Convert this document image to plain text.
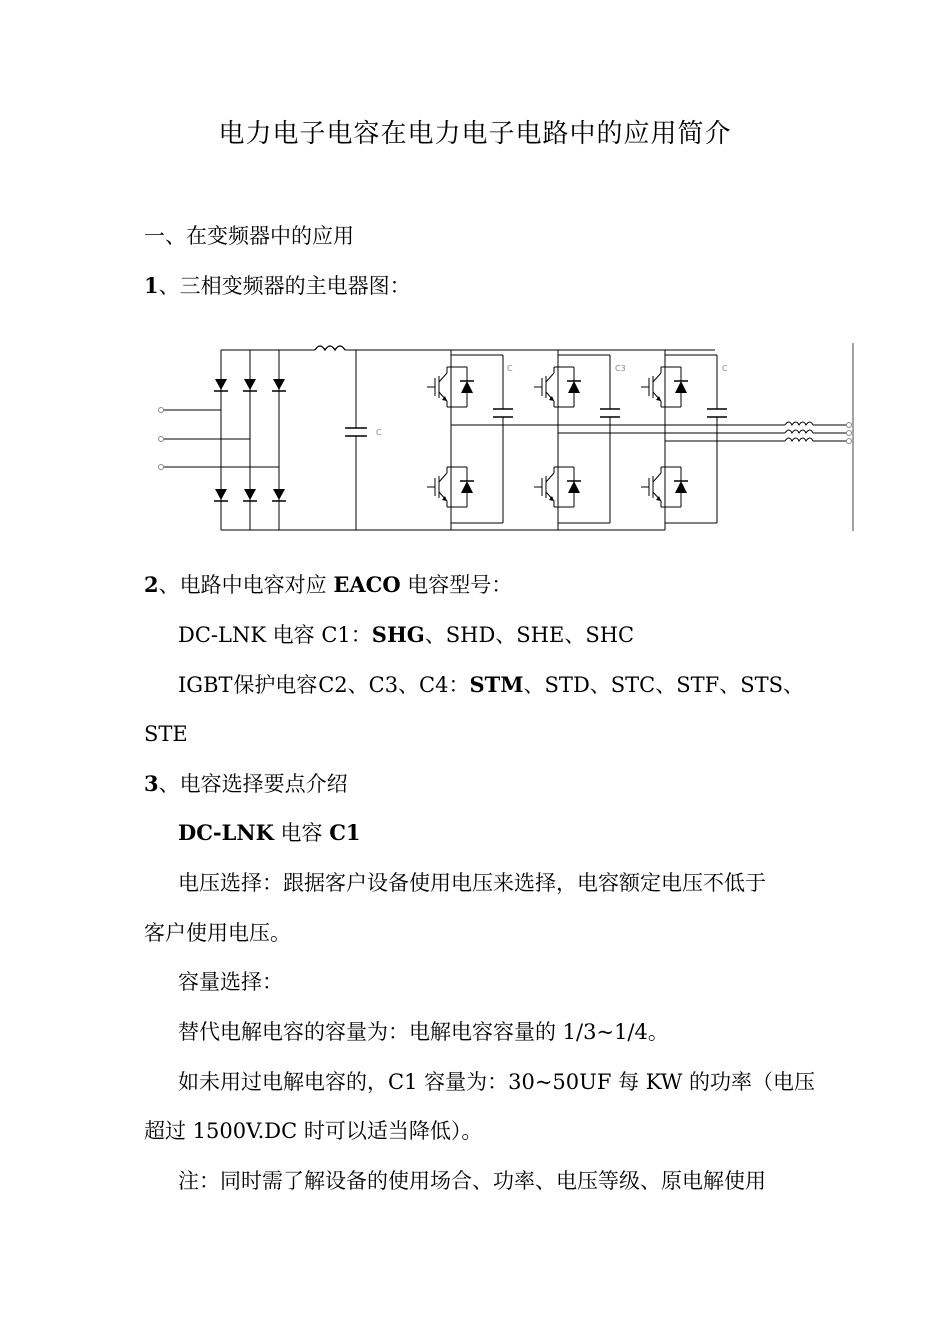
电力电子电容在电力电子电路中的应用简介
一、在变频器中的应用
1、三相变频器的主电器图：
C
C	C3	C
2、电路中电容对应 EACO 电容型号：
DC-LNK 电容 C1：SHG、SHD、SHE、SHC
IGBT 保护电容 C2、C3、C4：STM、STD、STC、STF、STS、
STE
3、电容选择要点介绍
DC-LNK 电容 C1
电压选择：跟据客户设备使用电压来选择，电容额定电压不低于
客户使用电压。
容量选择：
替代电解电容的容量为：电解电容容量的 1/3~1/4。
如未用过电解电容的，C1 容量为：30~50UF 每 KW 的功率（电压
超过 1500V.DC 时可以适当降低）。
注：同时需了解设备的使用场合、功率、电压等级、原电解使用
